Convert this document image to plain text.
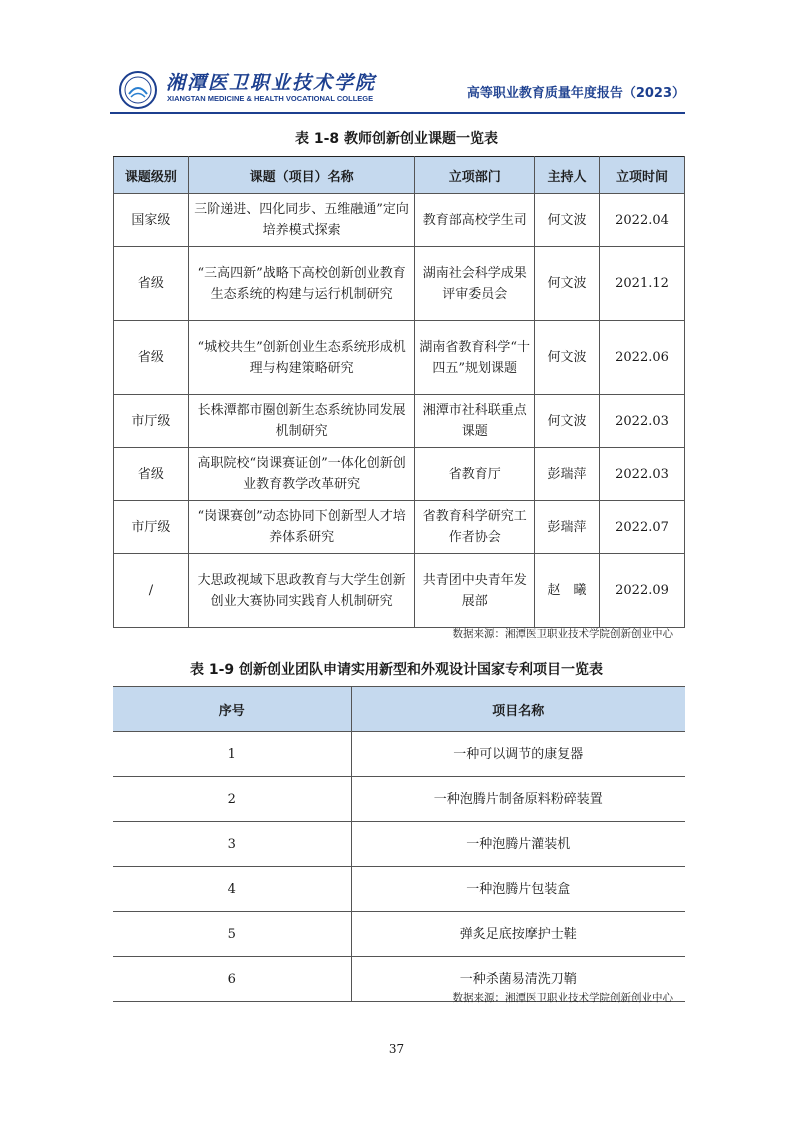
湘潭医卫职业技术学院
XIANGTAN MEDICINE & HEALTH VOCATIONAL COLLEGE	高等职业教育质量年度报告（2023）
表 1-8 教师创新创业课题一览表
课题级别	课题（项目）名称	立项部门	主持人	立项时间
国家级	三阶递进、四化同步、五维融通”定向培养模式探索	教育部高校学生司	何文波	2022.04
省级	“三高四新”战略下高校创新创业教育生态系统的构建与运行机制研究	湖南社会科学成果评审委员会	何文波	2021.12
省级	“城校共生”创新创业生态系统形成机理与构建策略研究	湖南省教育科学“十四五”规划课题	何文波	2022.06
市厅级	长株潭都市圈创新生态系统协同发展机制研究	湘潭市社科联重点课题	何文波	2022.03
省级	高职院校“岗课赛证创”一体化创新创业教育教学改革研究	省教育厅	彭瑞萍	2022.03
市厅级	“岗课赛创”动态协同下创新型人才培养体系研究	省教育科学研究工作者协会	彭瑞萍	2022.07
/	大思政视域下思政教育与大学生创新创业大赛协同实践育人机制研究	共青团中央青年发展部	赵　曦	2022.09
数据来源：湘潭医卫职业技术学院创新创业中心
表 1-9 创新创业团队申请实用新型和外观设计国家专利项目一览表
序号	项目名称
1	一种可以调节的康复器
2	一种泡腾片制备原料粉碎装置
3	一种泡腾片灌装机
4	一种泡腾片包装盒
5	弹炙足底按摩护士鞋
6	一种杀菌易清洗刀鞘
数据来源：湘潭医卫职业技术学院创新创业中心
37
